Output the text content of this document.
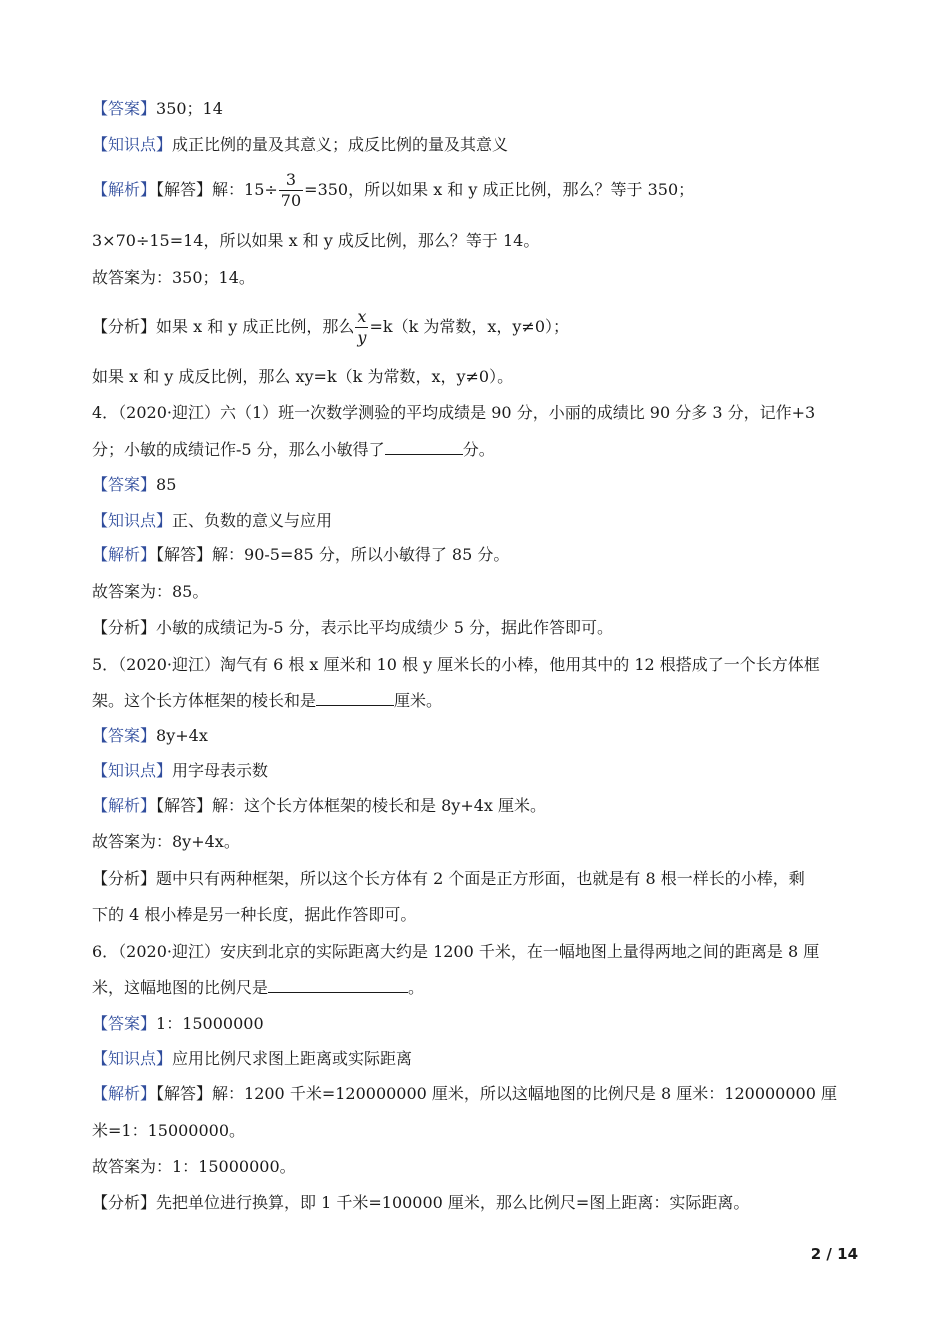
【答案】350；14
【知识点】成正比例的量及其意义；成反比例的量及其意义
【解析】【解答】解：$15\div \frac{3}{70} =350$，所以如果 x 和 y 成正比例，那么？等于 350；
3×70÷15=14，所以如果 x 和 y 成反比例，那么？等于 14。
故答案为：350；14。
【分析】如果 x 和 y 成正比例，那么 $\frac{x}{y} =k(k$ 为常数，x，y≠0）；
如果 x 和 y 成反比例，那么 xy=k（k 为常数，x，y≠0）。
4．（2020·迎江）六（1）班一次数学测验的平均成绩是 90 分，小丽的成绩比 90 分多 3 分，记作+3
分；小敏的成绩记作-5 分，那么小敏得了	分。
【答案】85
【知识点】正、负数的意义与应用
【解析】【解答】解：90-5=85 分，所以小敏得了 85 分。
故答案为：85。
【分析】小敏的成绩记为-5 分，表示比平均成绩少 5 分，据此作答即可。
5．（2020·迎江）淘气有 6 根 x 厘米和 10 根 y 厘米长的小棒，他用其中的 12 根搭成了一个长方体框
架。这个长方体框架的棱长和是	厘米。
【答案】8y+4x
【知识点】用字母表示数
【解析】【解答】解：这个长方体框架的棱长和是 8y+4x 厘米。
故答案为：8y+4x。
【分析】题中只有两种框架，所以这个长方体有 2 个面是正方形面，也就是有 8 根一样长的小棒，剩
下的 4 根小棒是另一种长度，据此作答即可。
6．（2020·迎江）安庆到北京的实际距离大约是 1200 千米，在一幅地图上量得两地之间的距离是 8 厘
米，这幅地图的比例尺是	。
【答案】1：15000000
【知识点】应用比例尺求图上距离或实际距离
【解析】【解答】解：1200 千米=120000000 厘米，所以这幅地图的比例尺是 8 厘米：120000000 厘
米=1：15000000。
故答案为：1：15000000。
【分析】先把单位进行换算，即 1 千米=100000 厘米，那么比例尺=图上距离：实际距离。
2 / 14
